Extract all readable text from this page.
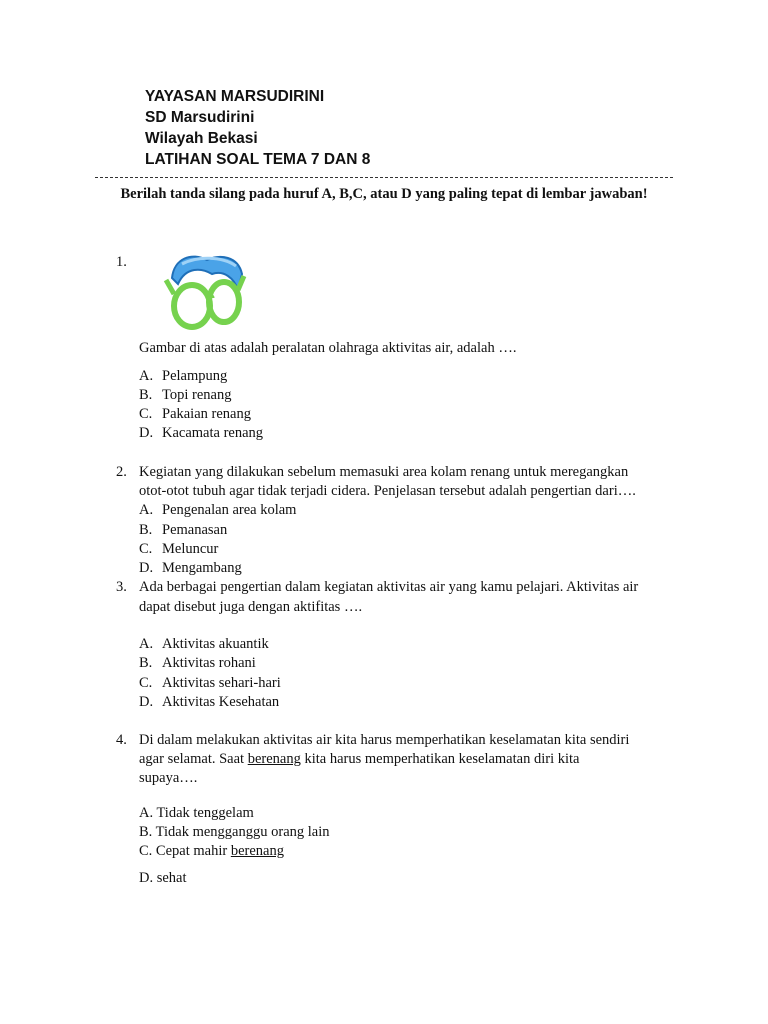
YAYASAN MARSUDIRINI
SD Marsudirini
Wilayah Bekasi
LATIHAN SOAL TEMA 7 DAN 8
Berilah tanda silang pada huruf A, B,C, atau D yang paling tepat di lembar jawaban!
1.
Gambar di atas adalah peralatan olahraga aktivitas air, adalah ….
A. Pelampung
B. Topi renang
C. Pakaian renang
D. Kacamata renang
2. Kegiatan yang dilakukan sebelum memasuki area kolam renang untuk meregangkan
otot-otot tubuh agar tidak terjadi cidera. Penjelasan tersebut adalah pengertian dari….
A. Pengenalan area kolam
B. Pemanasan
C. Meluncur
D. Mengambang
3. Ada berbagai pengertian dalam kegiatan aktivitas air yang kamu pelajari. Aktivitas air
dapat disebut juga dengan aktifitas ….
A. Aktivitas akuantik
B. Aktivitas rohani
C. Aktivitas sehari-hari
D. Aktivitas Kesehatan
4. Di dalam melakukan aktivitas air kita harus memperhatikan keselamatan kita sendiri
agar selamat. Saat berenang kita harus memperhatikan keselamatan diri kita
supaya….
A. Tidak tenggelam
B. Tidak mengganggu orang lain
C. Cepat mahir berenang
D. sehat
